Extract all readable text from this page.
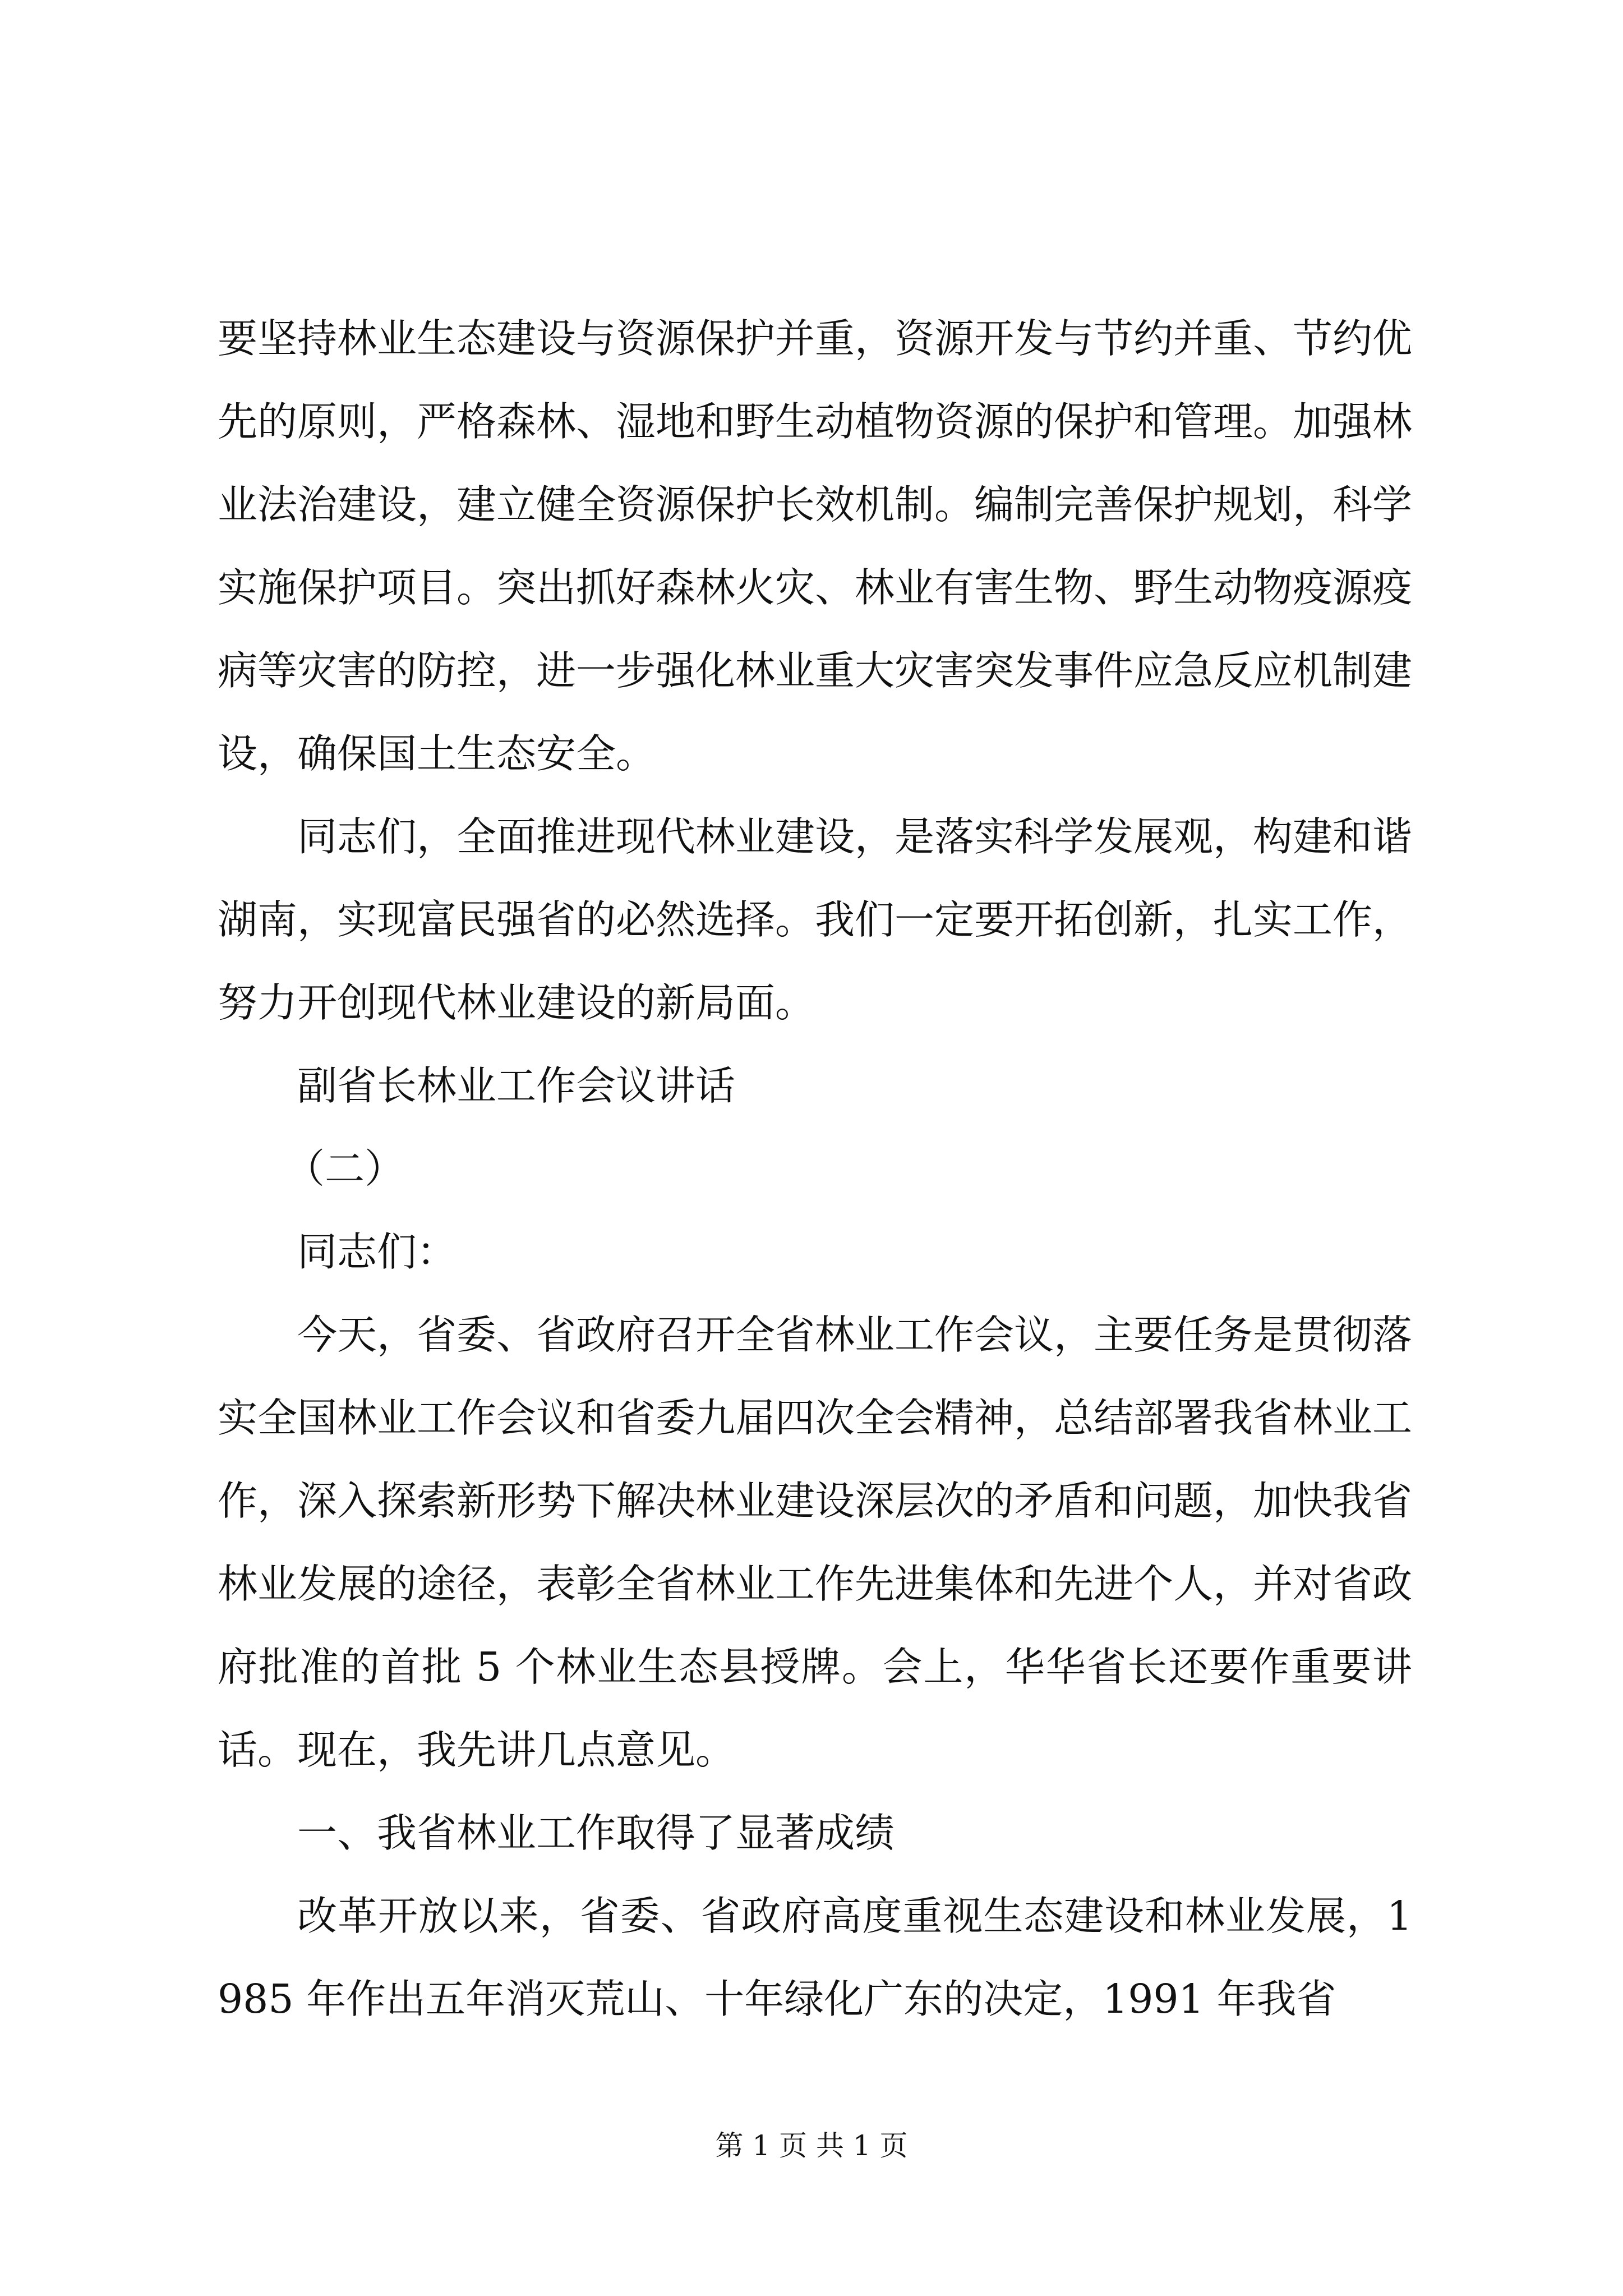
要坚持林业生态建设与资源保护并重，资源开发与节约并重、节约优先的原则，严格森林、湿地和野生动植物资源的保护和管理。加强林业法治建设，建立健全资源保护长效机制。编制完善保护规划，科学实施保护项目。突出抓好森林火灾、林业有害生物、野生动物疫源疫病等灾害的防控，进一步强化林业重大灾害突发事件应急反应机制建设，确保国土生态安全。

同志们，全面推进现代林业建设，是落实科学发展观，构建和谐湖南，实现富民强省的必然选择。我们一定要开拓创新，扎实工作，努力开创现代林业建设的新局面。

副省长林业工作会议讲话

（二）

同志们：

今天，省委、省政府召开全省林业工作会议，主要任务是贯彻落实全国林业工作会议和省委九届四次全会精神，总结部署我省林业工作，深入探索新形势下解决林业建设深层次的矛盾和问题，加快我省林业发展的途径，表彰全省林业工作先进集体和先进个人，并对省政府批准的首批 5 个林业生态县授牌。会上，华华省长还要作重要讲话。现在，我先讲几点意见。

一、我省林业工作取得了显著成绩

改革开放以来，省委、省政府高度重视生态建设和林业发展，1985 年作出五年消灭荒山、十年绿化广东的决定，1991 年我省

第 1 页 共 1 页
